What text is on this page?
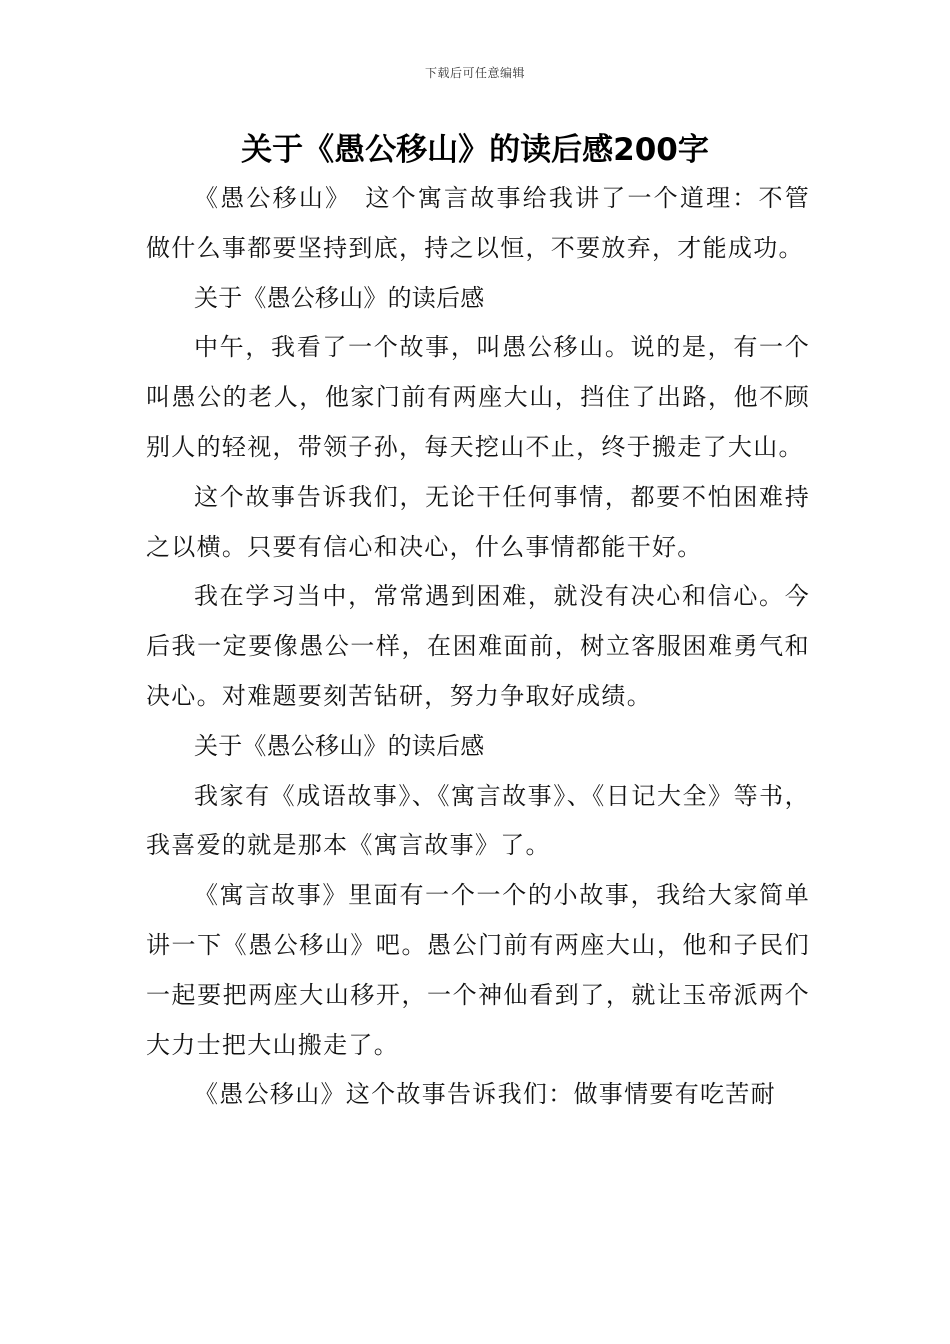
下载后可任意编辑
关于《愚公移山》的读后感200字

《愚公移山》　这个寓言故事给我讲了一个道理：不管做什么事都要坚持到底，持之以恒，不要放弃，才能成功。

关于《愚公移山》的读后感

中午，我看了一个故事，叫愚公移山。说的是，有一个叫愚公的老人，他家门前有两座大山，挡住了出路，他不顾别人的轻视，带领子孙，每天挖山不止，终于搬走了大山。

这个故事告诉我们，无论干任何事情，都要不怕困难持之以横。只要有信心和决心，什么事情都能干好。

我在学习当中，常常遇到困难，就没有决心和信心。今后我一定要像愚公一样，在困难面前，树立客服困难勇气和决心。对难题要刻苦钻研，努力争取好成绩。

关于《愚公移山》的读后感

我家有《成语故事》、《寓言故事》、《日记大全》等书，我喜爱的就是那本《寓言故事》了。

《寓言故事》里面有一个一个的小故事，我给大家简单讲一下《愚公移山》吧。愚公门前有两座大山，他和子民们一起要把两座大山移开，一个神仙看到了，就让玉帝派两个大力士把大山搬走了。

《愚公移山》这个故事告诉我们：做事情要有吃苦耐
